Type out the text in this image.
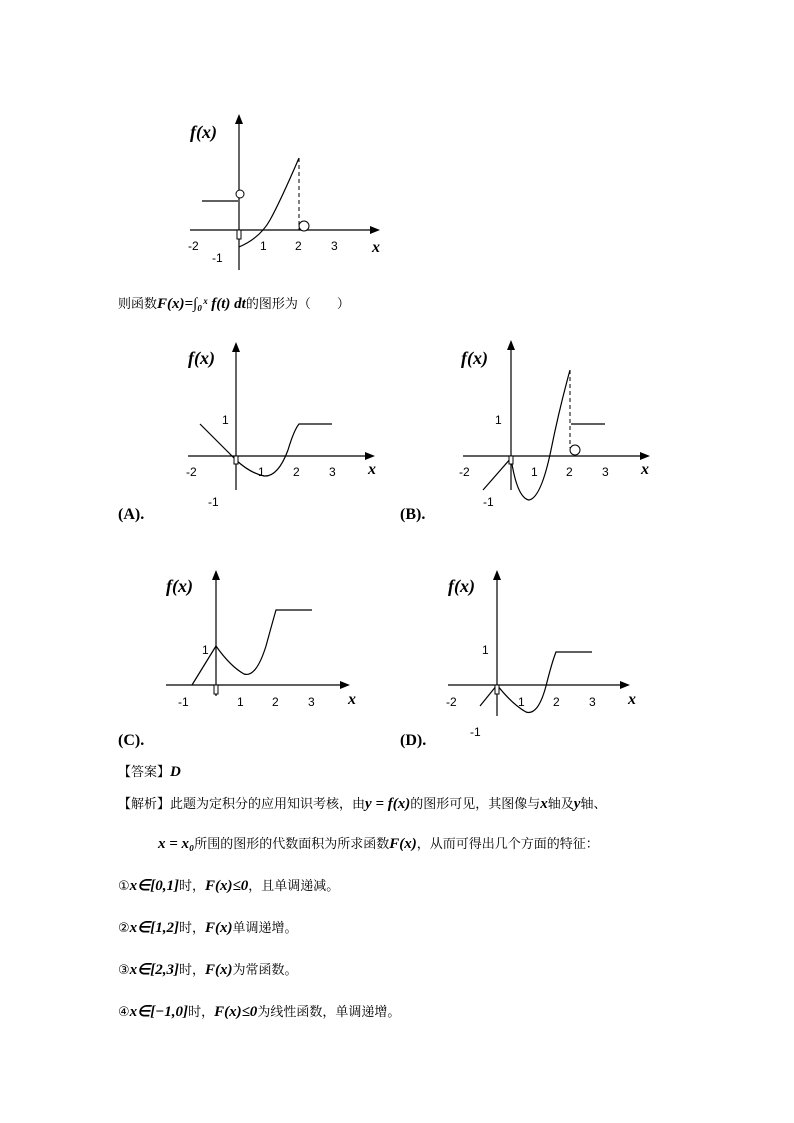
f(x)
x
-2
-1
1 2 3
则函数F(x)=∫₀ˣ f(t) dt的图形为（　　）
f(x)
x
-2
-1
1
1 2 3
(A).
f(x)
x
-2
-1
1
1 2 3
(B).
f(x)
x
-1
1
1 2 3
(C).
f(x)
x
-2
-1
1
1 2 3
(D).
【答案】D
【解析】此题为定积分的应用知识考核，由y = f(x)的图形可见，其图像与x轴及y轴、
x = x₀所围的图形的代数面积为所求函数F(x)，从而可得出几个方面的特征：
①x∈[0,1]时，F(x)≤0，且单调递减。
②x∈[1,2]时，F(x)单调递增。
③x∈[2,3]时，F(x)为常函数。
④x∈[−1,0]时，F(x)≤0为线性函数，单调递增。
